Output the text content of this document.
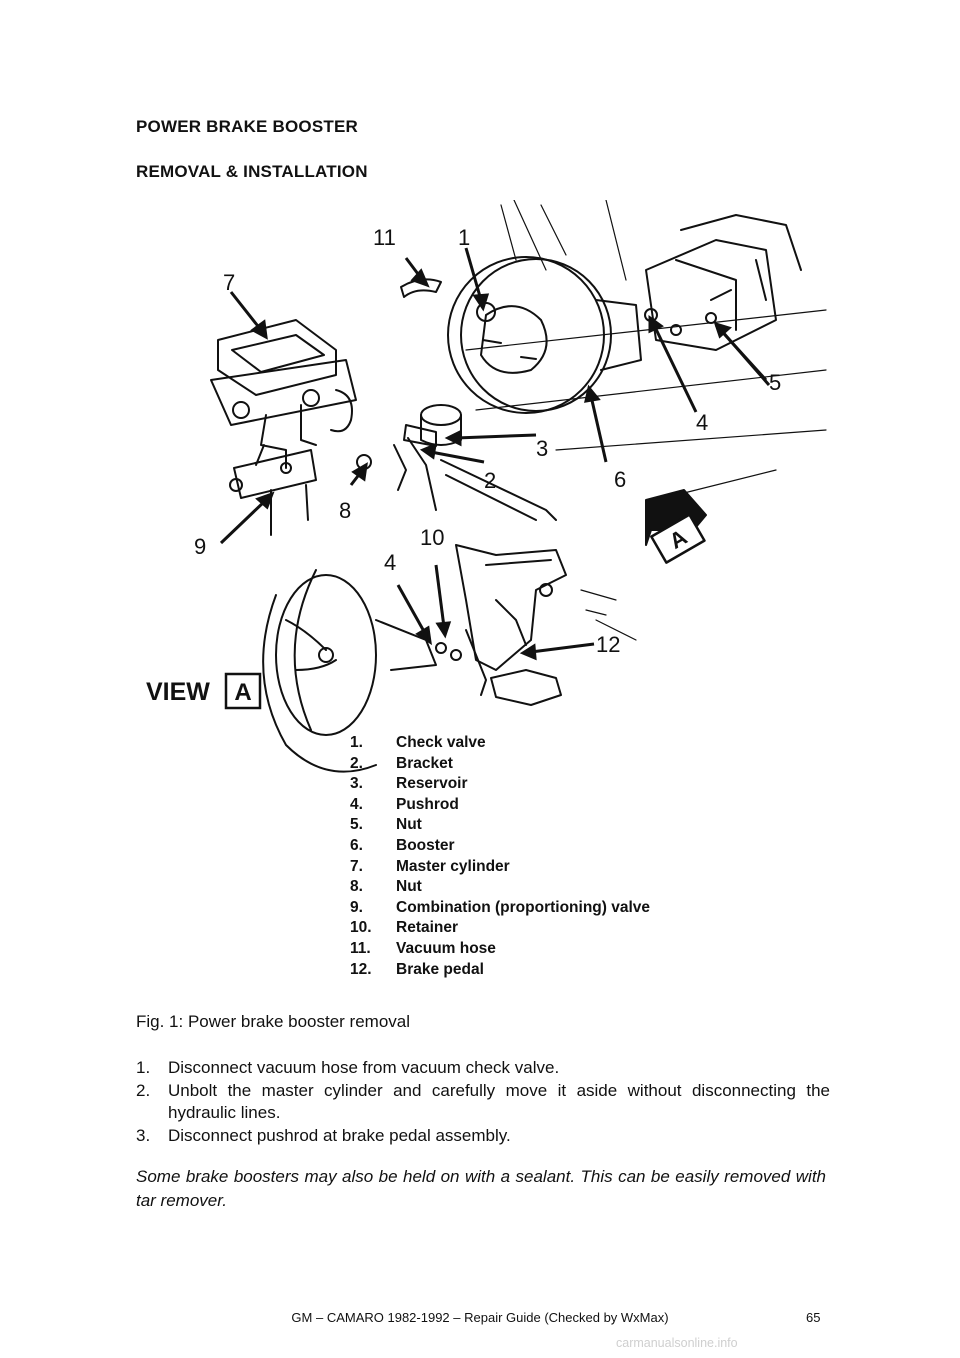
POWER BRAKE BOOSTER
REMOVAL & INSTALLATION
A
7
11	1
5
4
3
2	6
8
9	10
4
12
VIEW A
1.	Check valve
2.	Bracket
3.	Reservoir
4.	Pushrod
5.	Nut
6.	Booster
7.	Master cylinder
8.	Nut
9.	Combination (proportioning) valve
10.	Retainer
11.	Vacuum hose
12.	Brake pedal
Fig. 1: Power brake booster removal
1.	Disconnect vacuum hose from vacuum check valve.
2.	Unbolt the master cylinder and carefully move it aside without disconnecting the hydraulic lines.
3.	Disconnect pushrod at brake pedal assembly.
Some brake boosters may also be held on with a sealant. This can be easily removed with tar remover.
GM – CAMARO 1982-1992 – Repair Guide (Checked by WxMax)	65
carmanualsonline.info
